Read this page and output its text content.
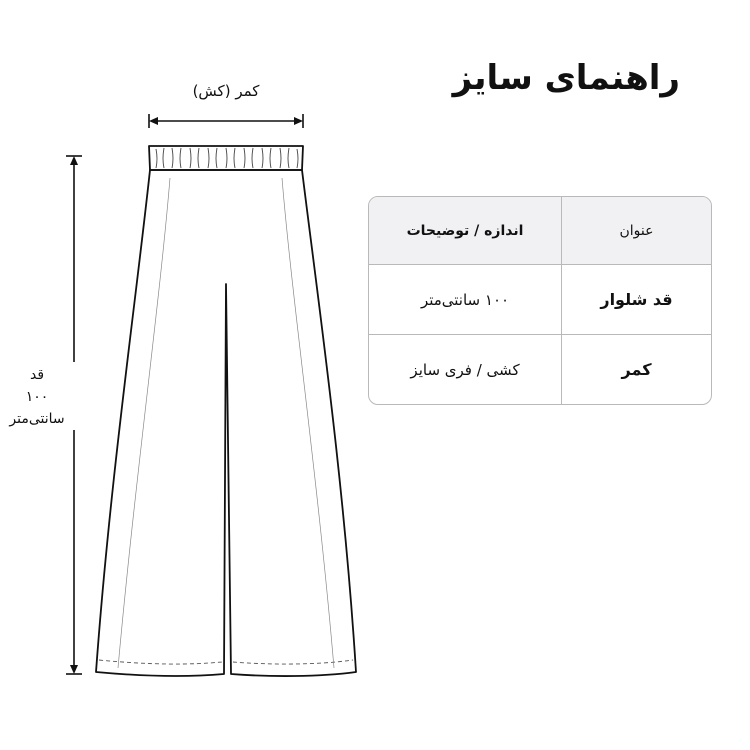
راهنمای سایز
کمر (کش)
قد
۱۰۰
سانتی‌متر
عنوان
اندازه / توضیحات
قد شلوار
۱۰۰ سانتی‌متر
کمر
کشی / فری سایز
